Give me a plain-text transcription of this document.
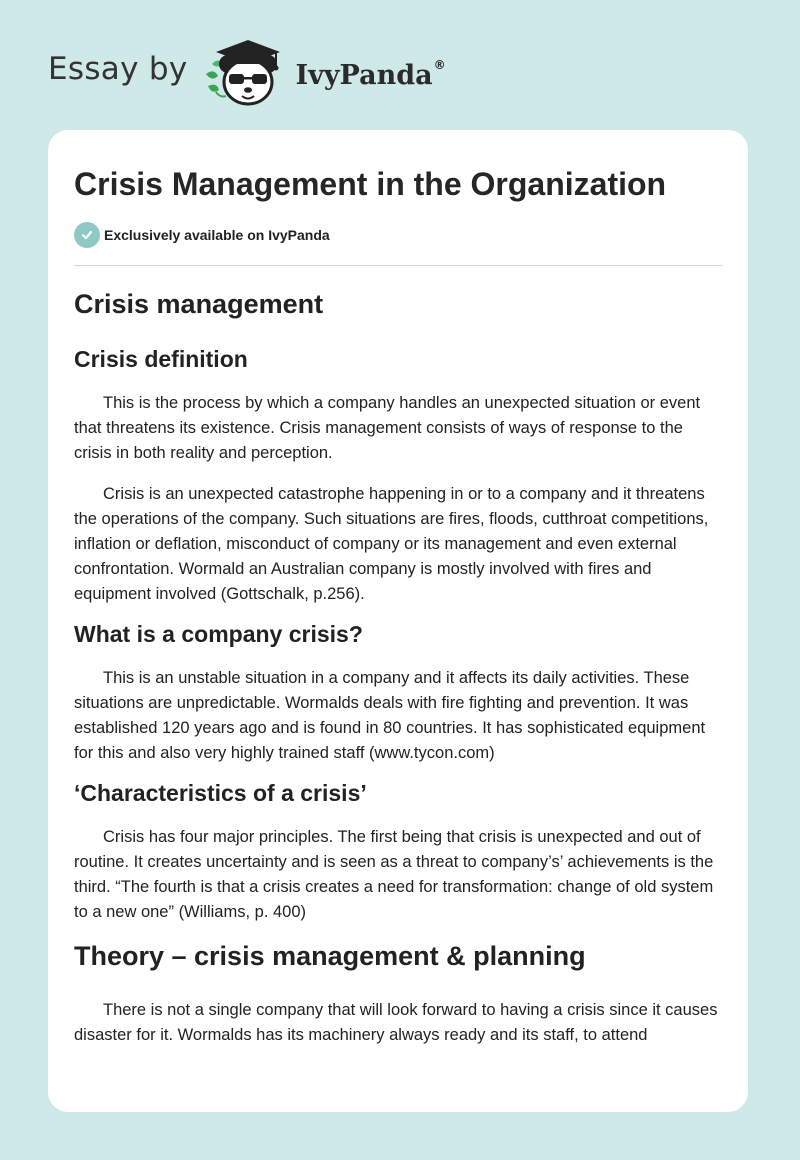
Essay by	IvyPanda®
Crisis Management in the Organization
Exclusively available on IvyPanda
Crisis management
Crisis definition

This is the process by which a company handles an unexpected situation or event that threatens its existence. Crisis management consists of ways of response to the crisis in both reality and perception.

Crisis is an unexpected catastrophe happening in or to a company and it threatens the operations of the company. Such situations are fires, floods, cutthroat competitions, inflation or deflation, misconduct of company or its management and even external confrontation. Wormald an Australian company is mostly involved with fires and equipment involved (Gottschalk, p.256).

What is a company crisis?

This is an unstable situation in a company and it affects its daily activities. These situations are unpredictable. Wormalds deals with fire fighting and prevention. It was established 120 years ago and is found in 80 countries. It has sophisticated equipment for this and also very highly trained staff (www.tycon.com)

‘Characteristics of a crisis’

Crisis has four major principles. The first being that crisis is unexpected and out of routine. It creates uncertainty and is seen as a threat to company’s’ achievements is the third. “The fourth is that a crisis creates a need for transformation: change of old system to a new one” (Williams, p. 400)

Theory – crisis management & planning

There is not a single company that will look forward to having a crisis since it causes disaster for it. Wormalds has its machinery always ready and its staff, to attend
